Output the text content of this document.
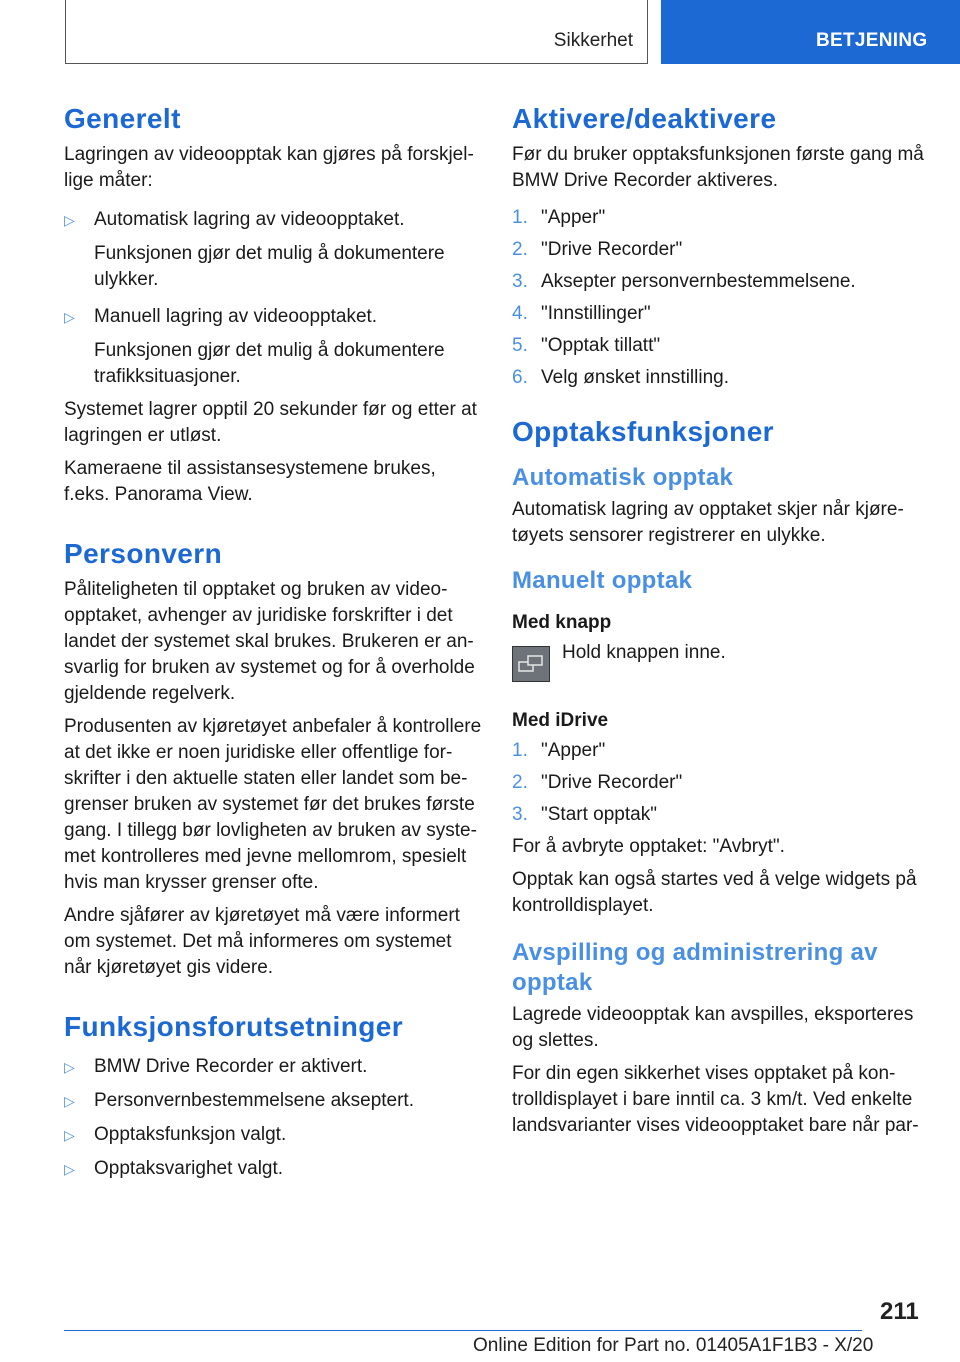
Sikkerhet	BETJENING
Generelt

Lagringen av videoopptak kan gjøres på forskjel-lige måter:

▷	Automatisk lagring av videoopptaket.
Funksjonen gjør det mulig å dokumentere ulykker.
▷	Manuell lagring av videoopptaket.
Funksjonen gjør det mulig å dokumentere trafikksituasjoner.

Systemet lagrer opptil 20 sekunder før og etter at lagringen er utløst.

Kameraene til assistansesystemene brukes, f.eks. Panorama View.

Personvern

Påliteligheten til opptaket og bruken av video-opptaket, avhenger av juridiske forskrifter i det landet der systemet skal brukes. Brukeren er an-svarlig for bruken av systemet og for å overholde gjeldende regelverk.

Produsenten av kjøretøyet anbefaler å kontrollere at det ikke er noen juridiske eller offentlige for-skrifter i den aktuelle staten eller landet som be-grenser bruken av systemet før det brukes første gang. I tillegg bør lovligheten av bruken av syste-met kontrolleres med jevne mellomrom, spesielt hvis man krysser grenser ofte.

Andre sjåfører av kjøretøyet må være informert om systemet. Det må informeres om systemet når kjøretøyet gis videre.

Funksjonsforutsetninger
▷	BMW Drive Recorder er aktivert.
▷	Personvernbestemmelsene akseptert.
▷	Opptaksfunksjon valgt.
▷	Opptaksvarighet valgt.
Aktivere/deaktivere

Før du bruker opptaksfunksjonen første gang må BMW Drive Recorder aktiveres.

1. "Apper"
2. "Drive Recorder"
3. Aksepter personvernbestemmelsene.
4. "Innstillinger"
5. "Opptak tillatt"
6. Velg ønsket innstilling.
Opptaksfunksjoner
Automatisk opptak

Automatisk lagring av opptaket skjer når kjøre-tøyets sensorer registrerer en ulykke.

Manuelt opptak
Med knapp
Hold knappen inne.
Med iDrive
1. "Apper"
2. "Drive Recorder"
3. "Start opptak"

For å avbryte opptaket: "Avbryt".

Opptak kan også startes ved å velge widgets på kontrolldisplayet.

Avspilling og administrering av opptak

Lagrede videoopptak kan avspilles, eksporteres og slettes.

For din egen sikkerhet vises opptaket på kon-trolldisplayet i bare inntil ca. 3 km/t. Ved enkelte landsvarianter vises videoopptaket bare når par-

211
Online Edition for Part no. 01405A1F1B3 - X/20
